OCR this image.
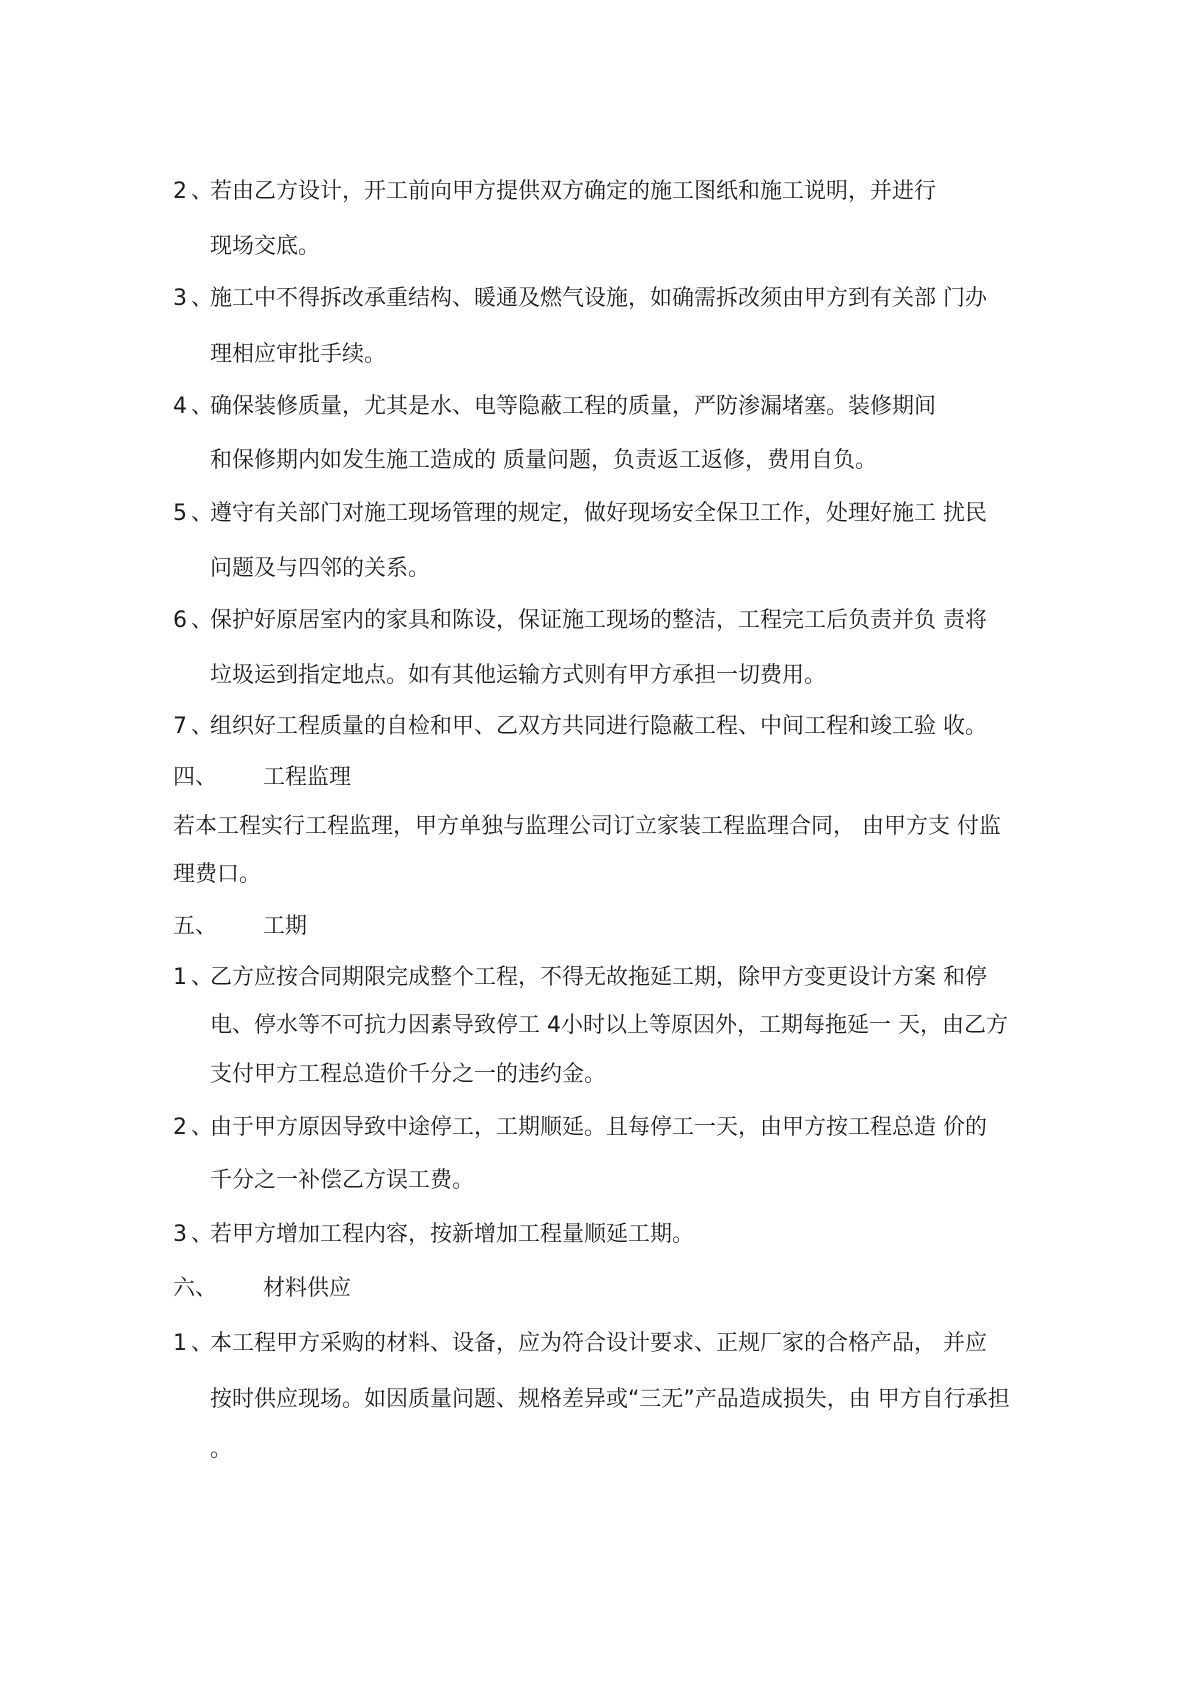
2 、
若由乙方设计，开工前向甲方提供双方确定的施工图纸和施工说明，并进行
现场交底。
3 、
施工中不得拆改承重结构、暖通及燃气设施，如确需拆改须由甲方到有关部 门办
理相应审批手续。
4 、
确保装修质量，尤其是水、电等隐蔽工程的质量，严防渗漏堵塞。装修期间
和保修期内如发生施工造成的 质量问题，负责返工返修，费用自负。
5 、
遵守有关部门对施工现场管理的规定，做好现场安全保卫工作，处理好施工 扰民
问题及与四邻的关系。
6 、
保护好原居室内的家具和陈设，保证施工现场的整洁，工程完工后负责并负 责将
垃圾运到指定地点。如有其他运输方式则有甲方承担一切费用。
7 、
组织好工程质量的自检和甲、乙双方共同进行隐蔽工程、中间工程和竣工验 收。
四、 工程监理
若本工程实行工程监理，甲方单独与监理公司订立家装工程监理合同， 由甲方支 付监
理费口。
五、 工期
1 、
乙方应按合同期限完成整个工程，不得无故拖延工期，除甲方变更设计方案 和停
电、停水等不可抗力因素导致停工 4小时以上等原因外，工期每拖延一 天，由乙方
支付甲方工程总造价千分之一的违约金。
2 、
由于甲方原因导致中途停工，工期顺延。且每停工一天，由甲方按工程总造 价的
千分之一补偿乙方误工费。
3 、
若甲方增加工程内容，按新增加工程量顺延工期。
六、 材料供应
1 、
本工程甲方采购的材料、设备，应为符合设计要求、正规厂家的合格产品， 并应
按时供应现场。如因质量问题、规格差异或“三无”产品造成损失，由 甲方自行承担
。
